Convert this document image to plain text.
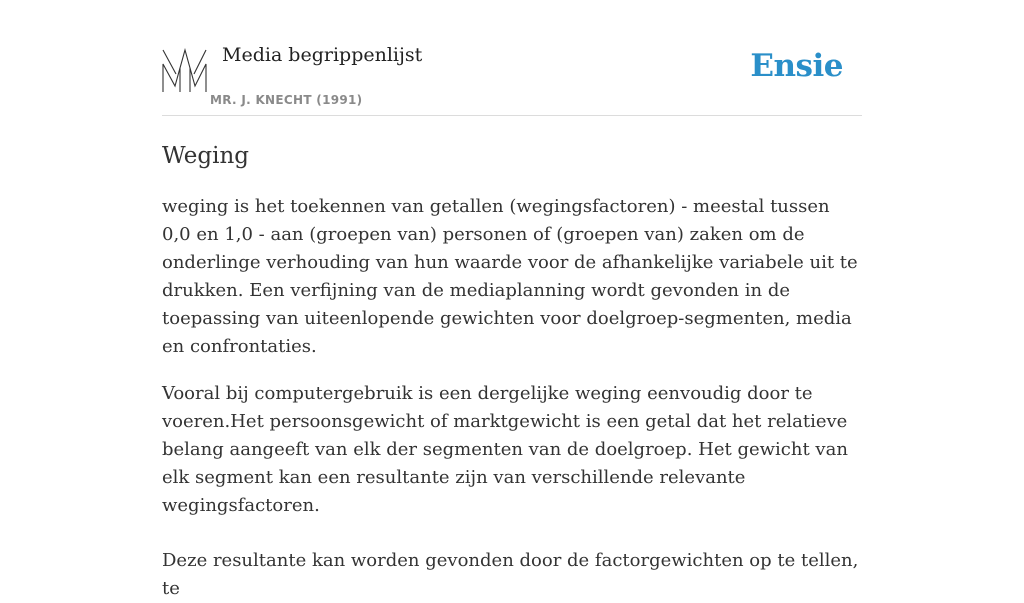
Media begrippenlijst
MR. J. KNECHT (1991)
Ensie
Weging

weging is het toekennen van getallen (wegingsfactoren) - meestal tussen 0,0 en 1,0 - aan (groepen van) personen of (groepen van) zaken om de onderlinge verhouding van hun waarde voor de afhankelijke variabele uit te drukken. Een verfijning van de mediaplanning wordt gevonden in de toepassing van uiteenlopende gewichten voor doelgroep-segmenten, media en confrontaties.

Vooral bij computergebruik is een dergelijke weging eenvoudig door te voeren.Het persoonsgewicht of marktgewicht is een getal dat het relatieve belang aangeeft van elk der segmenten van de doelgroep. Het gewicht van elk segment kan een resultante zijn van verschillende relevante wegingsfactoren.

Deze resultante kan worden gevonden door de factorgewichten op te tellen, te
